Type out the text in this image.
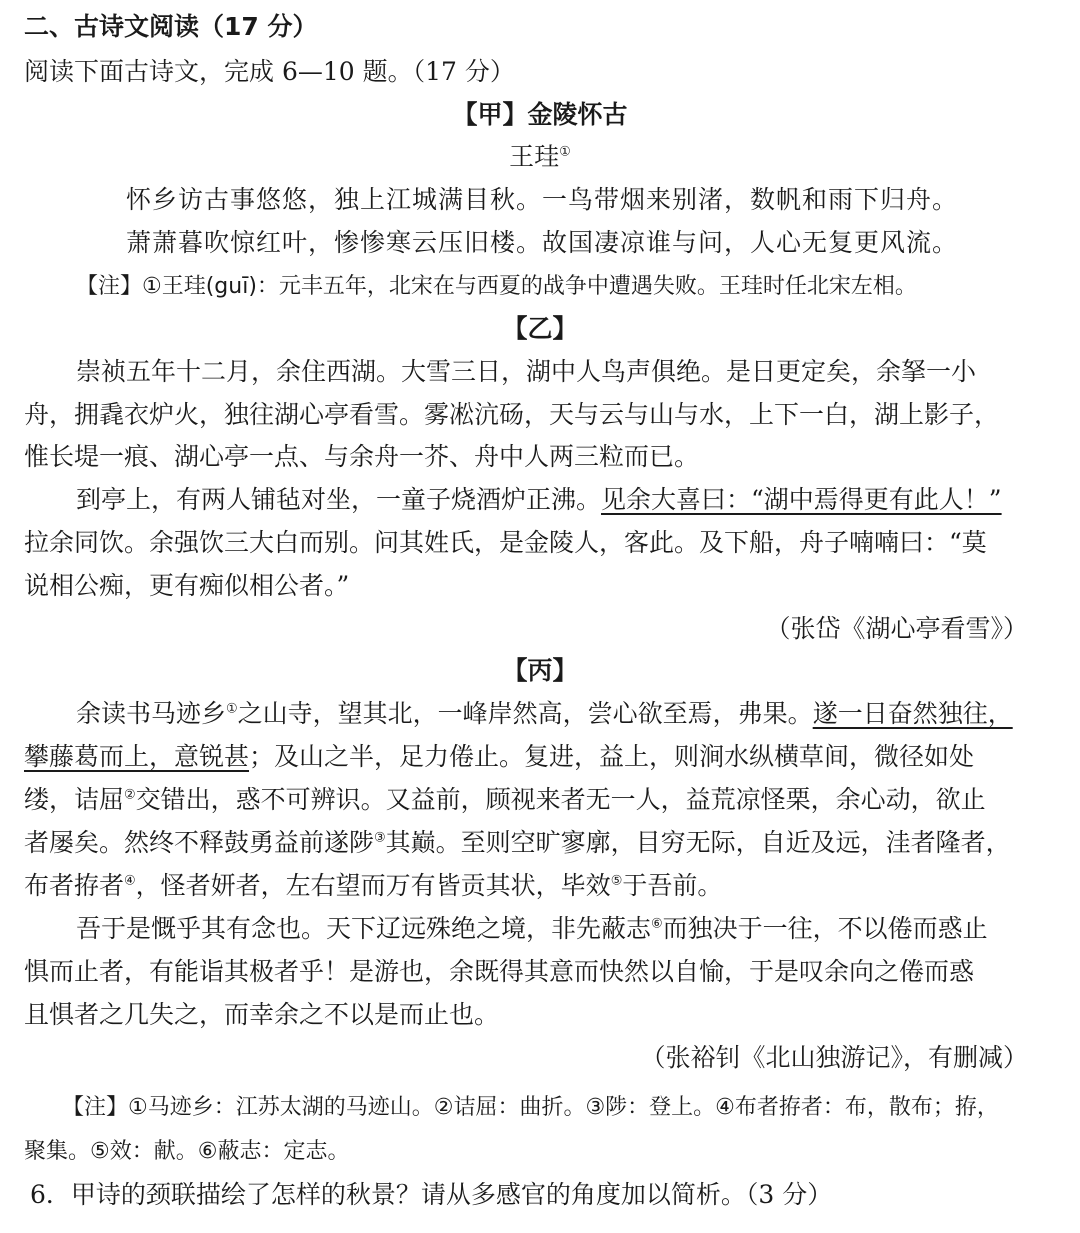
二、古诗文阅读（17 分）
阅读下面古诗文，完成 6—10 题。（17 分）
【甲】金陵怀古
王珪①
怀乡访古事悠悠，独上江城满目秋。一鸟带烟来别渚，数帆和雨下归舟。
萧萧暮吹惊红叶，惨惨寒云压旧楼。故国凄凉谁与问，人心无复更风流。
【注】①王珪(guī)：元丰五年，北宋在与西夏的战争中遭遇失败。王珪时任北宋左相。
【乙】
崇祯五年十二月，余住西湖。大雪三日，湖中人鸟声俱绝。是日更定矣，余拏一小
舟，拥毳衣炉火，独往湖心亭看雪。雾凇沆砀，天与云与山与水，上下一白，湖上影子，
惟长堤一痕、湖心亭一点、与余舟一芥、舟中人两三粒而已。
到亭上，有两人铺毡对坐，一童子烧酒炉正沸。见余大喜曰：“湖中焉得更有此人！”
拉余同饮。余强饮三大白而别。问其姓氏，是金陵人，客此。及下船，舟子喃喃曰：“莫
说相公痴，更有痴似相公者。”
（张岱《湖心亭看雪》）
【丙】
余读书马迹乡①之山寺，望其北，一峰岸然高，尝心欲至焉，弗果。遂一日奋然独往，
攀藤葛而上，意锐甚；及山之半，足力倦止。复进，益上，则涧水纵横草间，微径如处
缕，诘屈②交错出，惑不可辨识。又益前，顾视来者无一人，益荒凉怪栗，余心动，欲止
者屡矣。然终不释鼓勇益前遂陟③其巅。至则空旷寥廓，目穷无际，自近及远，洼者隆者，
布者拵者④，怪者妍者，左右望而万有皆贡其状，毕效⑤于吾前。
吾于是慨乎其有念也。天下辽远殊绝之境，非先蔽志⑥而独决于一往，不以倦而惑止
惧而止者，有能诣其极者乎！是游也，余既得其意而快然以自愉，于是叹余向之倦而惑
且惧者之几失之，而幸余之不以是而止也。
（张裕钊《北山独游记》，有删减）
【注】①马迹乡：江苏太湖的马迹山。②诘屈：曲折。③陟：登上。④布者拵者：布，散布；拵，
聚集。⑤效：献。⑥蔽志：定志。
6．甲诗的颈联描绘了怎样的秋景？请从多感官的角度加以简析。（3 分）
